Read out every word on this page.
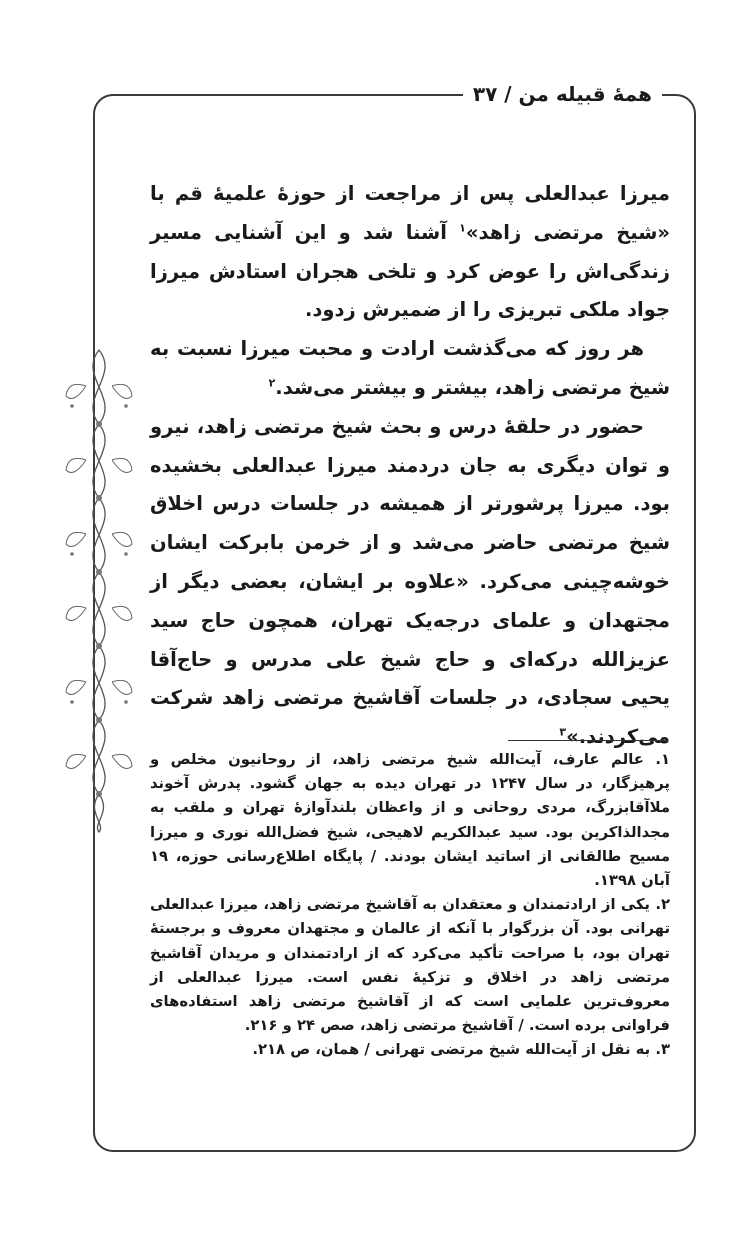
همهٔ قبیله من / ۳۷

میرزا عبدالعلی پس از مراجعت از حوزهٔ علمیهٔ قم با «شیخ مرتضی زاهد»$^۱$ آشنا شد و این آشنایی مسیر زندگی‌اش را عوض کرد و تلخی هجران استادش میرزا جواد ملکی تبریزی را از ضمیرش زدود.

هر روز که می‌گذشت ارادت و محبت میرزا نسبت به شیخ مرتضی زاهد، بیشتر و بیشتر می‌شد.$^۲$

حضور در حلقهٔ درس و بحث شیخ مرتضی زاهد، نیرو و توان دیگری به جان دردمند میرزا عبدالعلی بخشیده بود. میرزا پرشورتر از همیشه در جلسات درس اخلاق شیخ مرتضی حاضر می‌شد و از خرمن بابرکت ایشان خوشه‌چینی می‌کرد. «علاوه بر ایشان، بعضی دیگر از مجتهدان و علمای درجه‌یک تهران، همچون حاج سید عزیزالله درکه‌ای و حاج شیخ علی مدرس و حاج‌آقا یحیی سجادی، در جلسات آقاشیخ مرتضی زاهد شرکت می‌کردند.»$^۳$

۱. عالم عارف، آیت‌الله شیخ مرتضی زاهد، از روحانیون مخلص و پرهیزگار، در سال ۱۲۴۷ در تهران دیده به جهان گشود. پدرش آخوند ملاآقابزرگ، مردی روحانی و از واعظان بلندآوازهٔ تهران و ملقب به مجدالذاکرین بود. سید عبدالکریم لاهیجی، شیخ فضل‌الله نوری و میرزا مسیح طالقانی از اساتید ایشان بودند. / پایگاه اطلاع‌رسانی حوزه، ۱۹ آبان ۱۳۹۸.

۲. یکی از ارادتمندان و معتقدان به آقاشیخ مرتضی زاهد، میرزا عبدالعلی تهرانی بود. آن بزرگوار با آنکه از عالمان و مجتهدان معروف و برجستهٔ تهران بود، با صراحت تأکید می‌کرد که از ارادتمندان و مریدان آقاشیخ مرتضی زاهد در اخلاق و تزکیهٔ نفس است. میرزا عبدالعلی از معروف‌ترین علمایی است که از آقاشیخ مرتضی زاهد استفاده‌های فراوانی برده است. / آقاشیخ مرتضی زاهد، صص ۲۴ و ۲۱۶.

۳. به نقل از آیت‌الله شیخ مرتضی تهرانی / همان، ص ۲۱۸.
